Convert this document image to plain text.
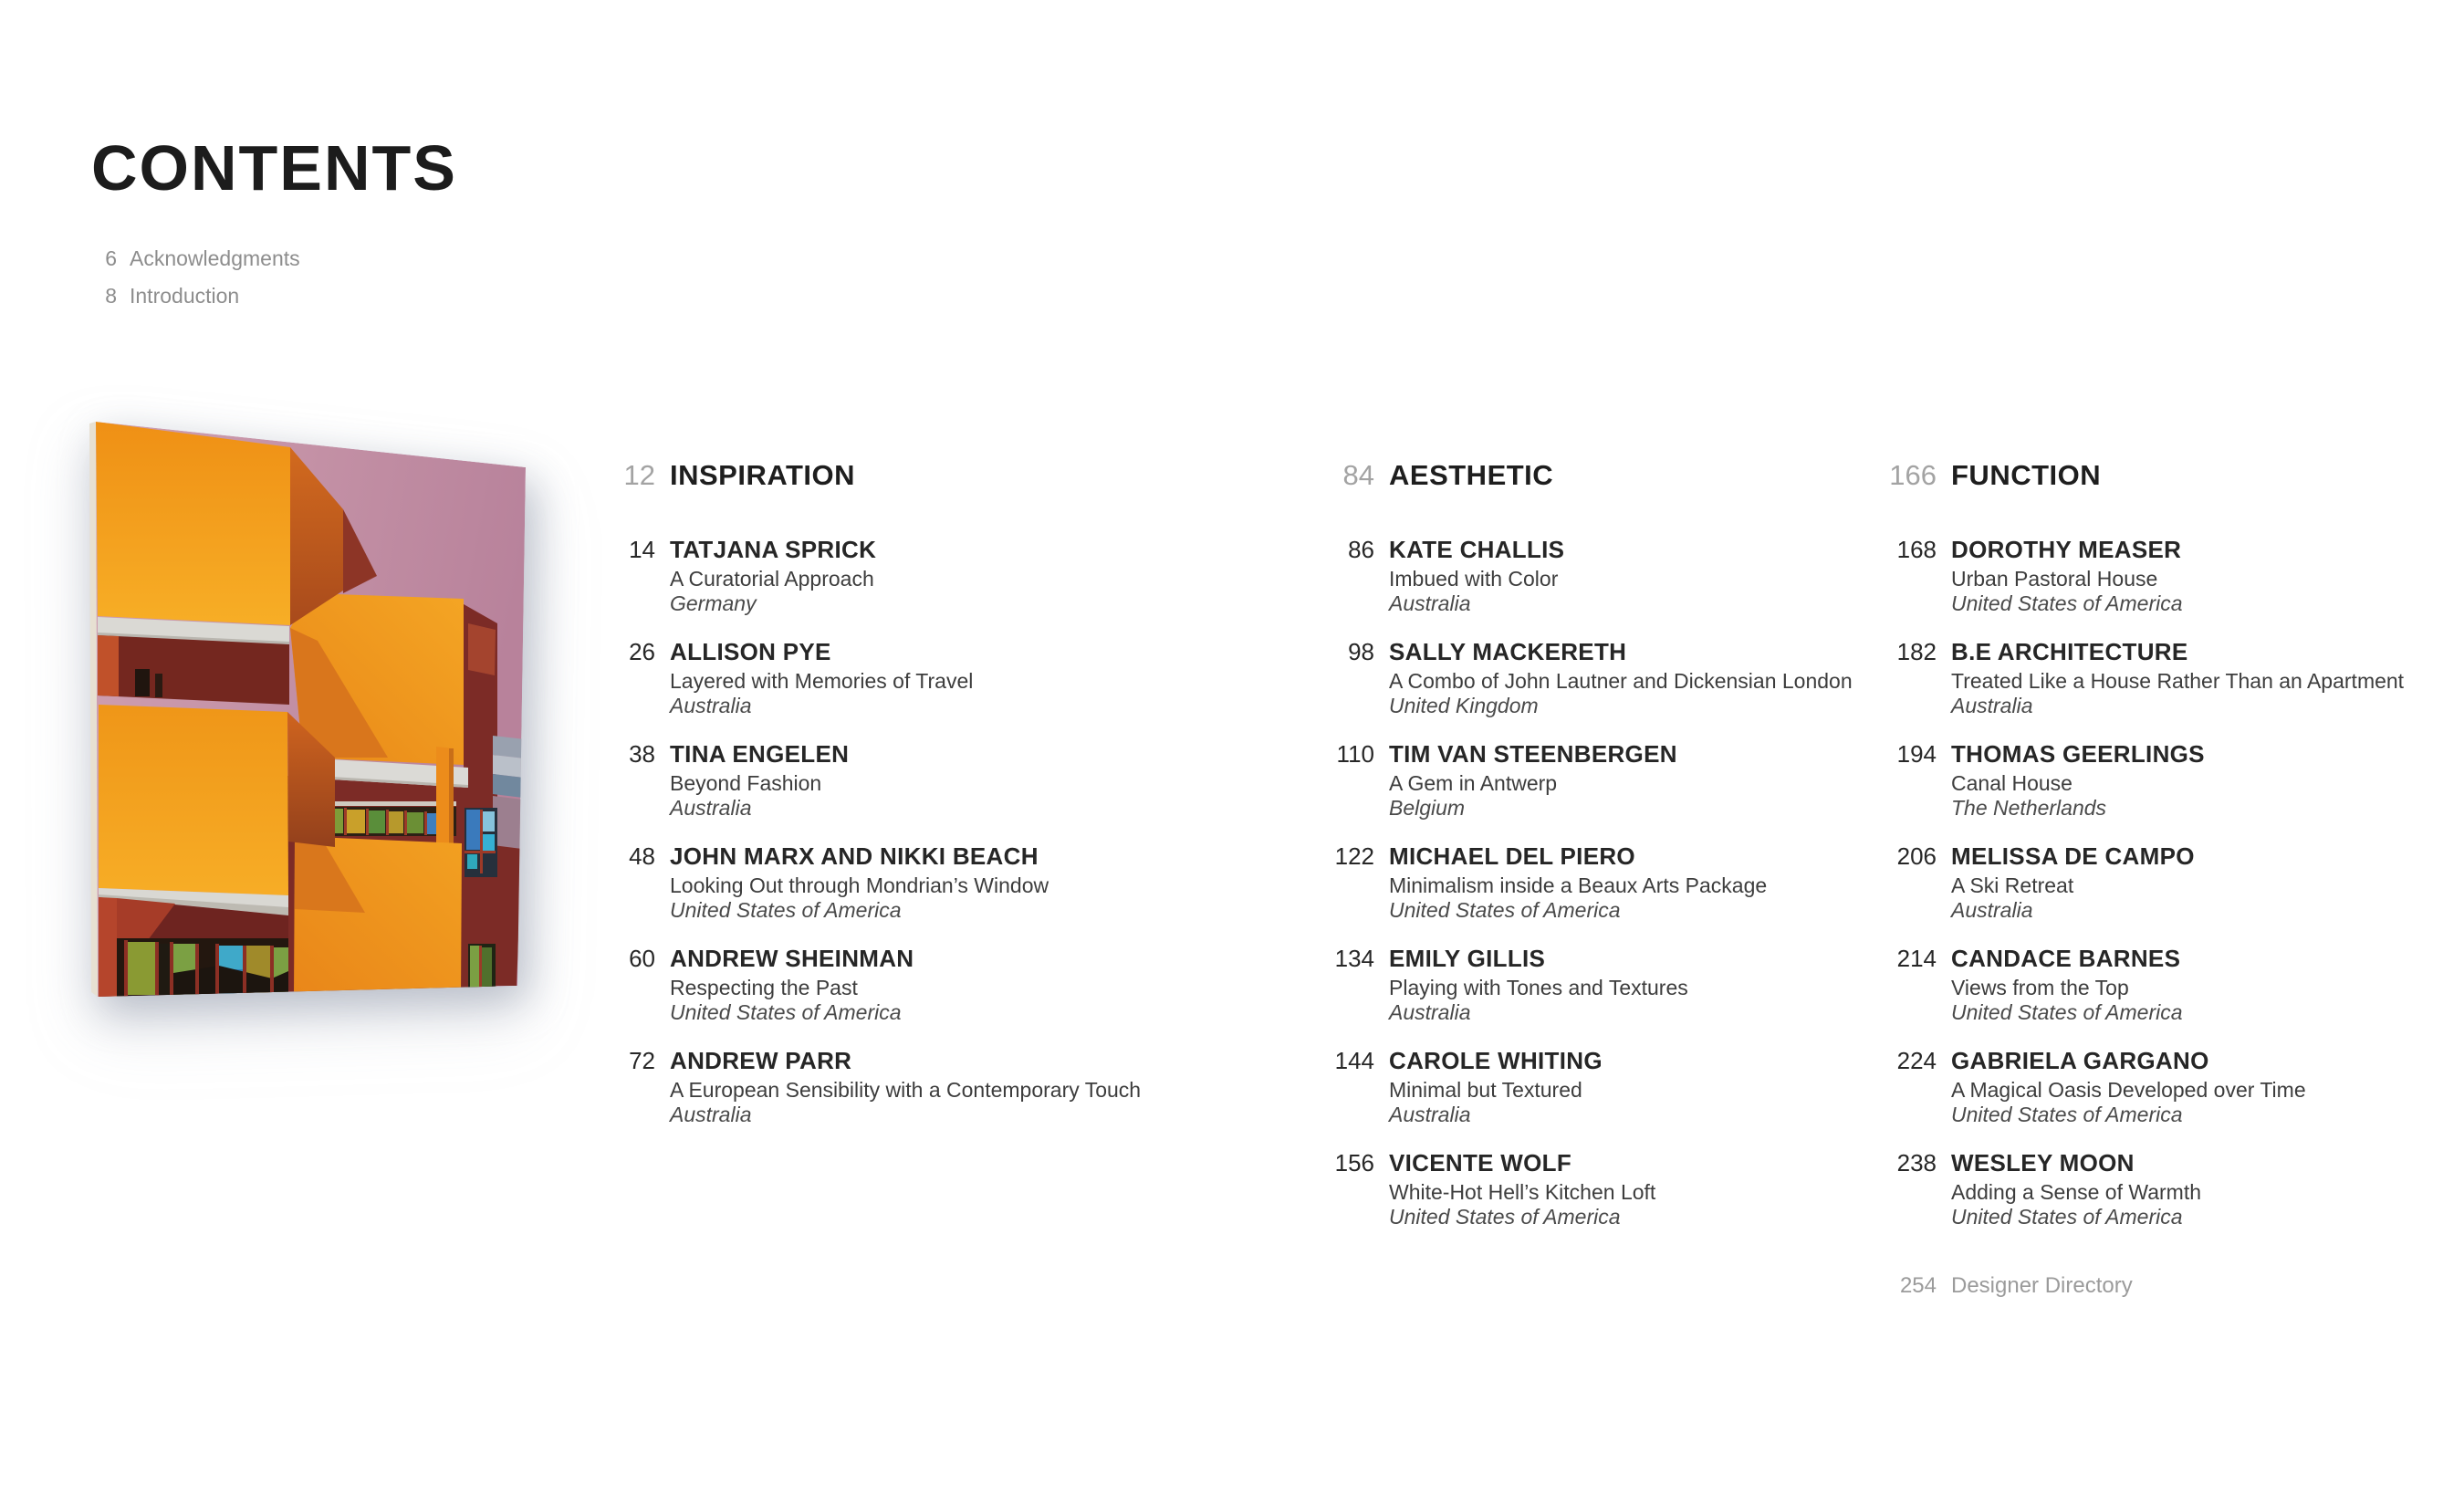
CONTENTS
6 Acknowledgments
8 Introduction
12 INSPIRATION
14 TATJANA SPRICK
A Curatorial Approach
Germany
26 ALLISON PYE
Layered with Memories of Travel
Australia
38 TINA ENGELEN
Beyond Fashion
Australia
48 JOHN MARX AND NIKKI BEACH
Looking Out through Mondrian’s Window
United States of America
60 ANDREW SHEINMAN
Respecting the Past
United States of America
72 ANDREW PARR
A European Sensibility with a Contemporary Touch
Australia
84 AESTHETIC
86 KATE CHALLIS
Imbued with Color
Australia
98 SALLY MACKERETH
A Combo of John Lautner and Dickensian London
United Kingdom
110 TIM VAN STEENBERGEN
A Gem in Antwerp
Belgium
122 MICHAEL DEL PIERO
Minimalism inside a Beaux Arts Package
United States of America
134 EMILY GILLIS
Playing with Tones and Textures
Australia
144 CAROLE WHITING
Minimal but Textured
Australia
156 VICENTE WOLF
White-Hot Hell’s Kitchen Loft
United States of America
166 FUNCTION
168 DOROTHY MEASER
Urban Pastoral House
United States of America
182 B.E ARCHITECTURE
Treated Like a House Rather Than an Apartment
Australia
194 THOMAS GEERLINGS
Canal House
The Netherlands
206 MELISSA DE CAMPO
A Ski Retreat
Australia
214 CANDACE BARNES
Views from the Top
United States of America
224 GABRIELA GARGANO
A Magical Oasis Developed over Time
United States of America
238 WESLEY MOON
Adding a Sense of Warmth
United States of America
254 Designer Directory
